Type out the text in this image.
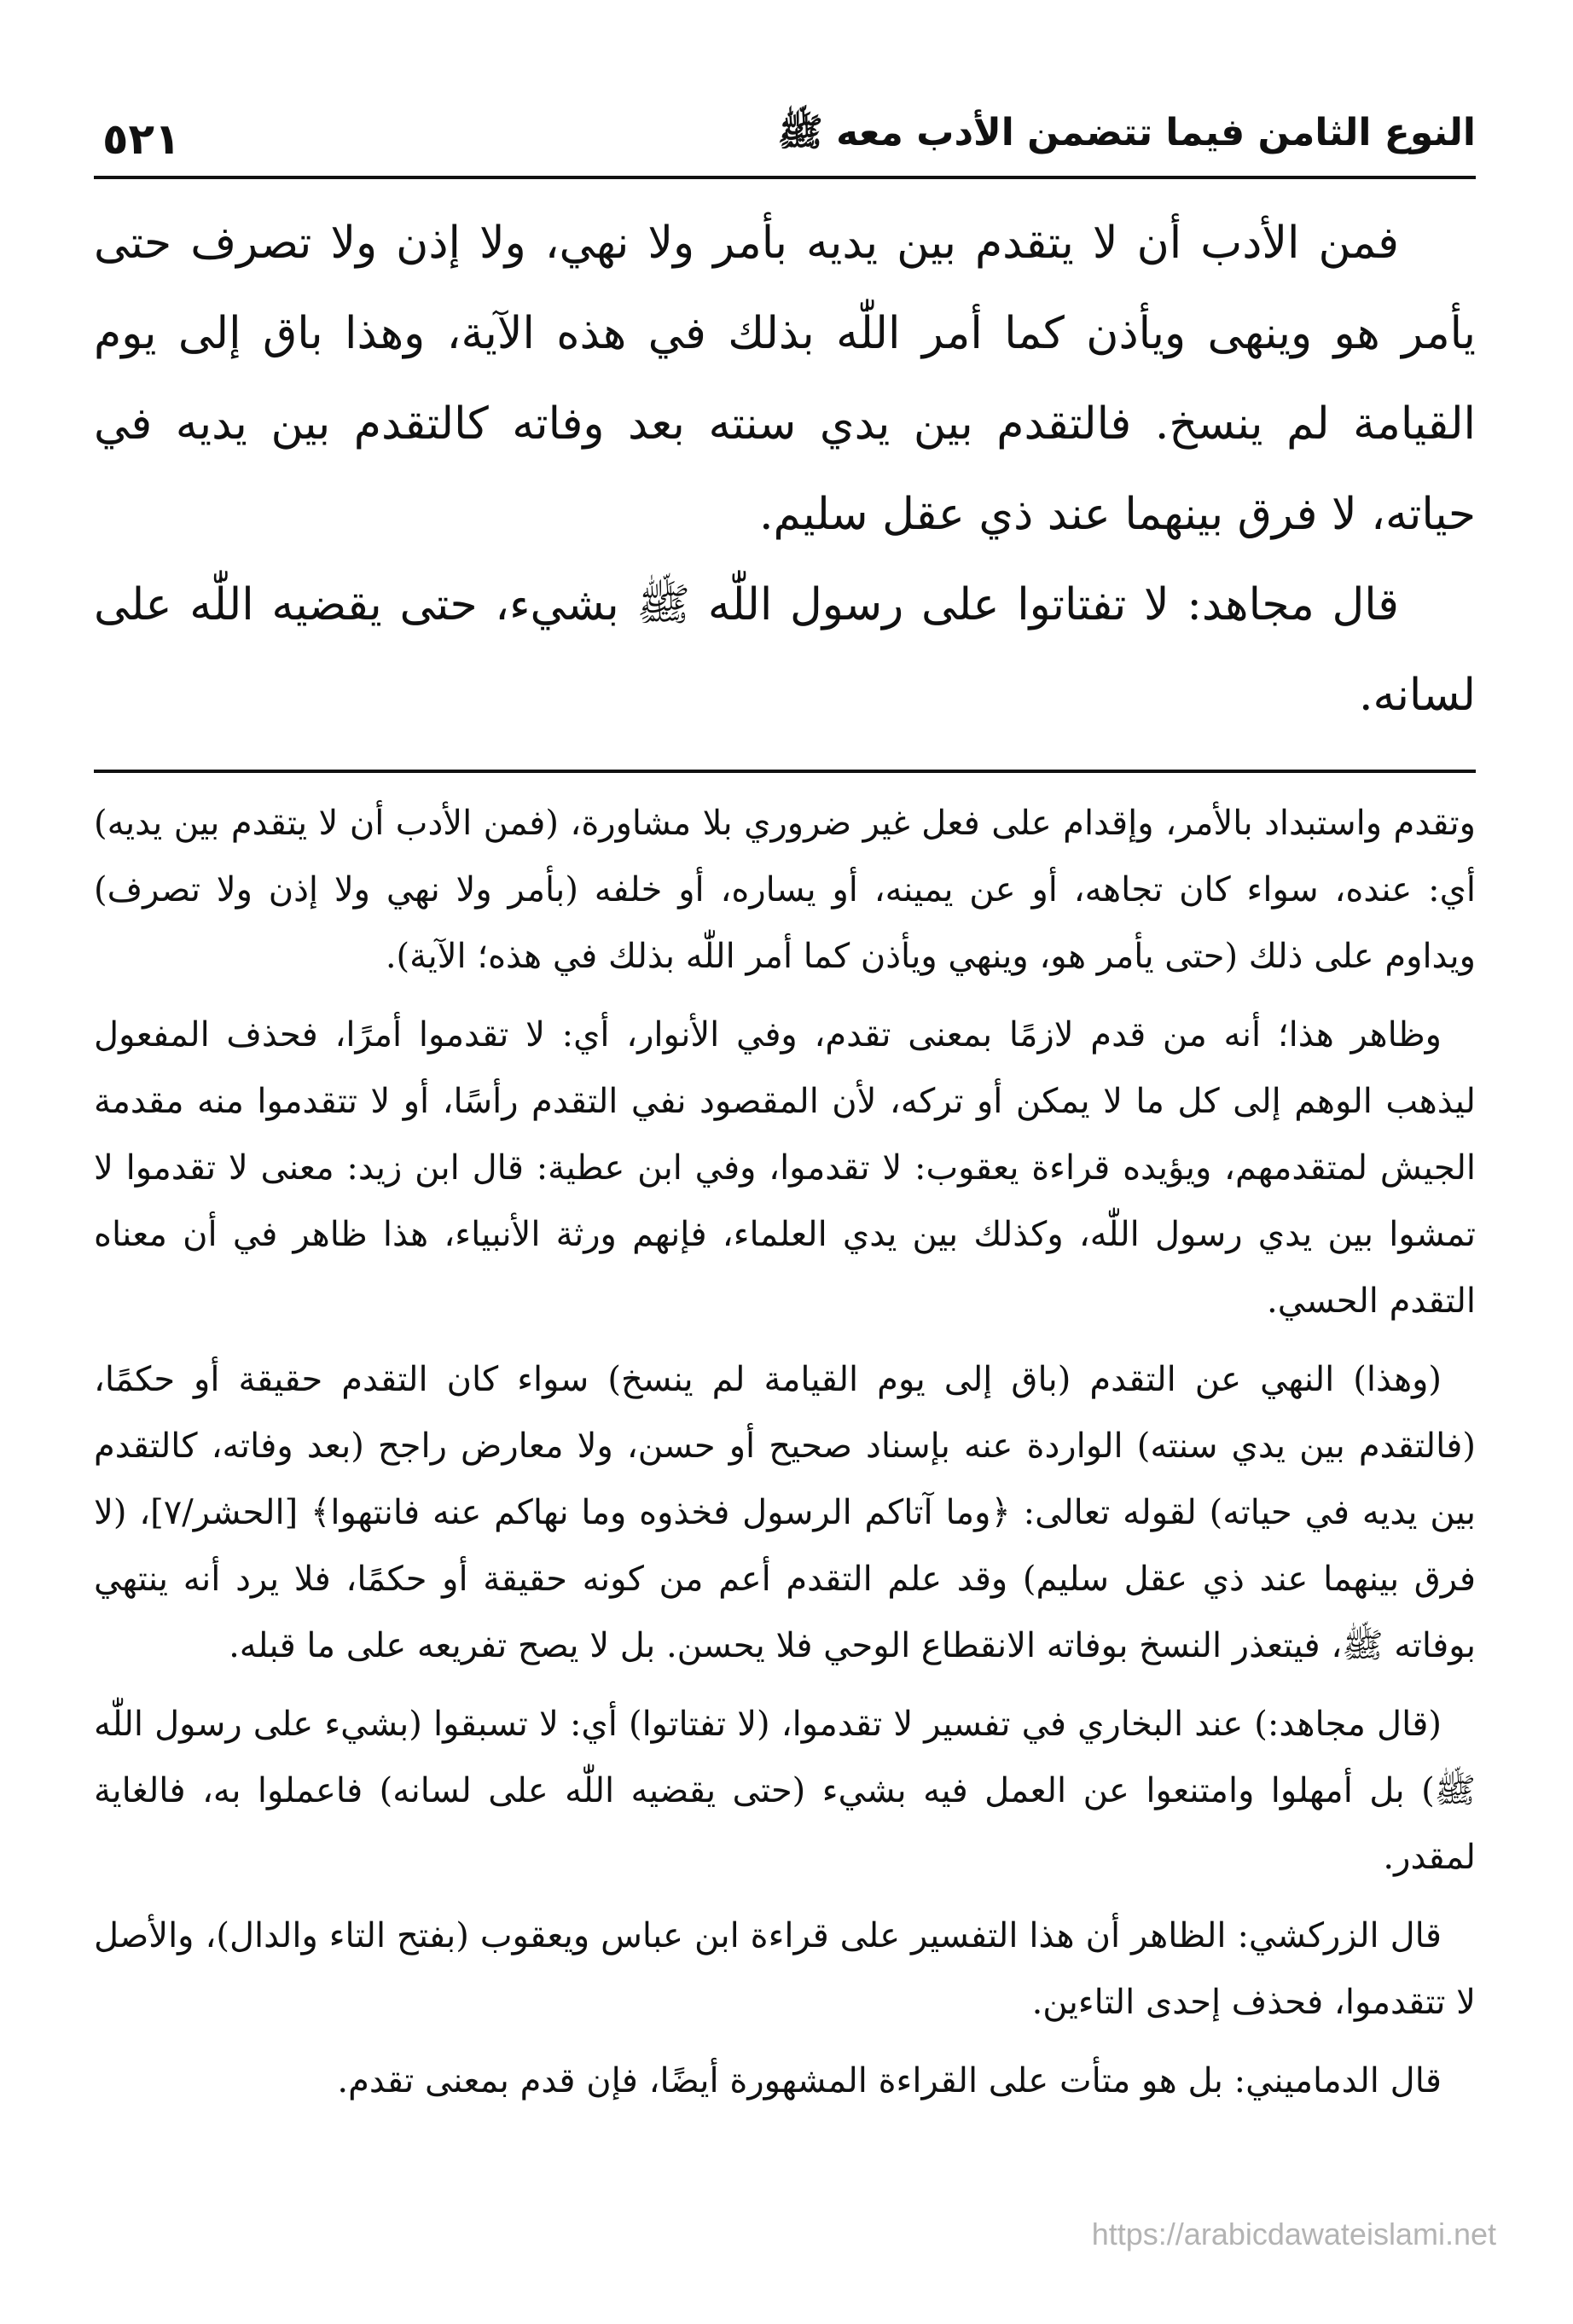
النوع الثامن فيما تتضمن الأدب معه ﷺ
٥٢١

فمن الأدب أن لا يتقدم بين يديه بأمر ولا نهي، ولا إذن ولا تصرف حتى يأمر هو وينهى ويأذن كما أمر اللّٰه بذلك في هذه الآية، وهذا باق إلى يوم القيامة لم ينسخ. فالتقدم بين يدي سنته بعد وفاته كالتقدم بين يديه في حياته، لا فرق بينهما عند ذي عقل سليم.

قال مجاهد: لا تفتاتوا على رسول اللّٰه ﷺ بشيء، حتى يقضيه اللّٰه على لسانه.

وتقدم واستبداد بالأمر، وإقدام على فعل غير ضروري بلا مشاورة، (فمن الأدب أن لا يتقدم بين يديه) أي: عنده، سواء كان تجاهه، أو عن يمينه، أو يساره، أو خلفه (بأمر ولا نهي ولا إذن ولا تصرف) ويداوم على ذلك (حتى يأمر هو، وينهي ويأذن كما أمر اللّٰه بذلك في هذه؛ الآية).

وظاهر هذا؛ أنه من قدم لازمًا بمعنى تقدم، وفي الأنوار، أي: لا تقدموا أمرًا، فحذف المفعول ليذهب الوهم إلى كل ما لا يمكن أو تركه، لأن المقصود نفي التقدم رأسًا، أو لا تتقدموا منه مقدمة الجيش لمتقدمهم، ويؤيده قراءة يعقوب: لا تقدموا، وفي ابن عطية: قال ابن زيد: معنى لا تقدموا لا تمشوا بين يدي رسول اللّٰه، وكذلك بين يدي العلماء، فإنهم ورثة الأنبياء، هذا ظاهر في أن معناه التقدم الحسي.

(وهذا) النهي عن التقدم (باق إلى يوم القيامة لم ينسخ) سواء كان التقدم حقيقة أو حكمًا، (فالتقدم بين يدي سنته) الواردة عنه بإسناد صحيح أو حسن، ولا معارض راجح (بعد وفاته، كالتقدم بين يديه في حياته) لقوله تعالى: ﴿وما آتاكم الرسول فخذوه وما نهاكم عنه فانتهوا﴾ [الحشر/٧]، (لا فرق بينهما عند ذي عقل سليم) وقد علم التقدم أعم من كونه حقيقة أو حكمًا، فلا يرد أنه ينتهي بوفاته ﷺ، فيتعذر النسخ بوفاته الانقطاع الوحي فلا يحسن. بل لا يصح تفريعه على ما قبله.

(قال مجاهد:) عند البخاري في تفسير لا تقدموا، (لا تفتاتوا) أي: لا تسبقوا (بشيء على رسول اللّٰه ﷺ) بل أمهلوا وامتنعوا عن العمل فيه بشيء (حتى يقضيه اللّٰه على لسانه) فاعملوا به، فالغاية لمقدر.

قال الزركشي: الظاهر أن هذا التفسير على قراءة ابن عباس ويعقوب (بفتح التاء والدال)، والأصل لا تتقدموا، فحذف إحدى التاءين.

قال الدماميني: بل هو متأت على القراءة المشهورة أيضًا، فإن قدم بمعنى تقدم.

https://arabicdawateislami.net
